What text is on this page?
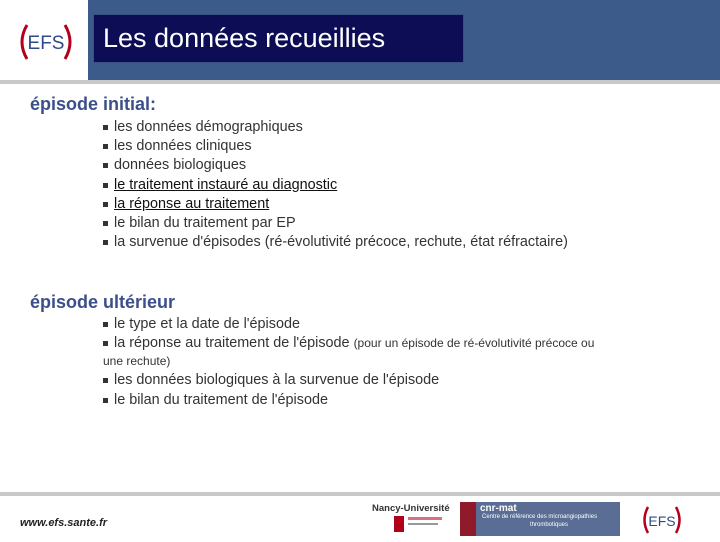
EFS	Les données recueillies
épisode initial:
les données démographiques
les données cliniques
données biologiques
le traitement instauré au diagnostic
la réponse au traitement
le bilan du traitement par EP
la survenue d'épisodes (ré-évolutivité précoce, rechute, état réfractaire)
épisode ultérieur
le type et la date de l'épisode
la réponse au traitement de l'épisode (pour un épisode de ré-évolutivité précoce ou
une rechute)
les données biologiques à la survenue de l'épisode
le bilan du traitement de l'épisode
www.efs.sante.fr
Nancy-Université	cnr-mat
Centre de référence des microangiopathies
thrombotiques	EFS
